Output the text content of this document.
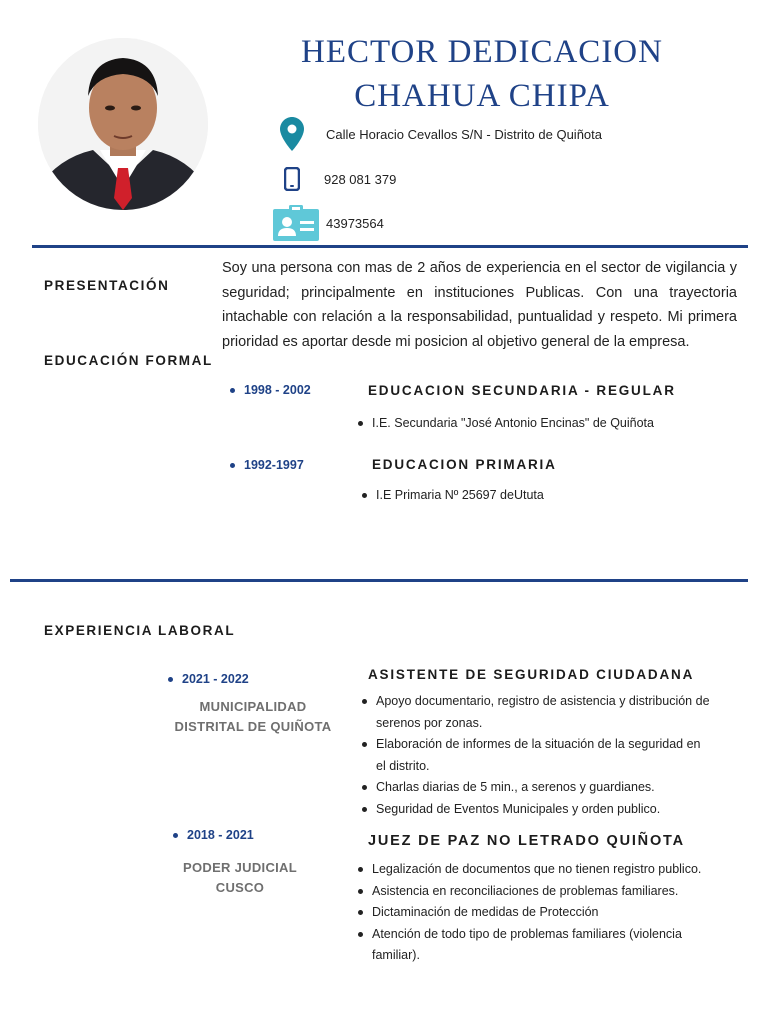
HECTOR DEDICACION
CHAHUA CHIPA
Calle Horacio Cevallos S/N - Distrito de Quiñota
928 081 379
43973564
PRESENTACIÓN
Soy una persona con mas de 2 años de experiencia en el sector de vigilancia y seguridad; principalmente en instituciones Publicas. Con una trayectoria intachable con relación a la responsabilidad, puntualidad y respeto. Mi primera prioridad es aportar desde mi posicion al objetivo general de la empresa.
EDUCACIÓN FORMAL
1998 - 2002	EDUCACION SECUNDARIA - REGULAR
I.E. Secundaria "José Antonio Encinas" de Quiñota
1992-1997	EDUCACION PRIMARIA
I.E Primaria Nº 25697 deUtuta
EXPERIENCIA LABORAL
2021 - 2022
MUNICIPALIDAD
DISTRITAL DE QUIÑOTA
ASISTENTE DE SEGURIDAD CIUDADANA
Apoyo documentario, registro de asistencia y distribución de serenos por zonas.
Elaboración de informes de la situación de la seguridad en el distrito.
Charlas diarias de 5 min., a serenos y guardianes.
Seguridad de Eventos Municipales y orden publico.
2018 - 2021
PODER JUDICIAL
CUSCO
JUEZ DE PAZ NO LETRADO QUIÑOTA
Legalización de documentos que no tienen registro publico.
Asistencia en reconciliaciones de problemas familiares.
Dictaminación de medidas de Protección
Atención de todo tipo de problemas familiares (violencia familiar).
